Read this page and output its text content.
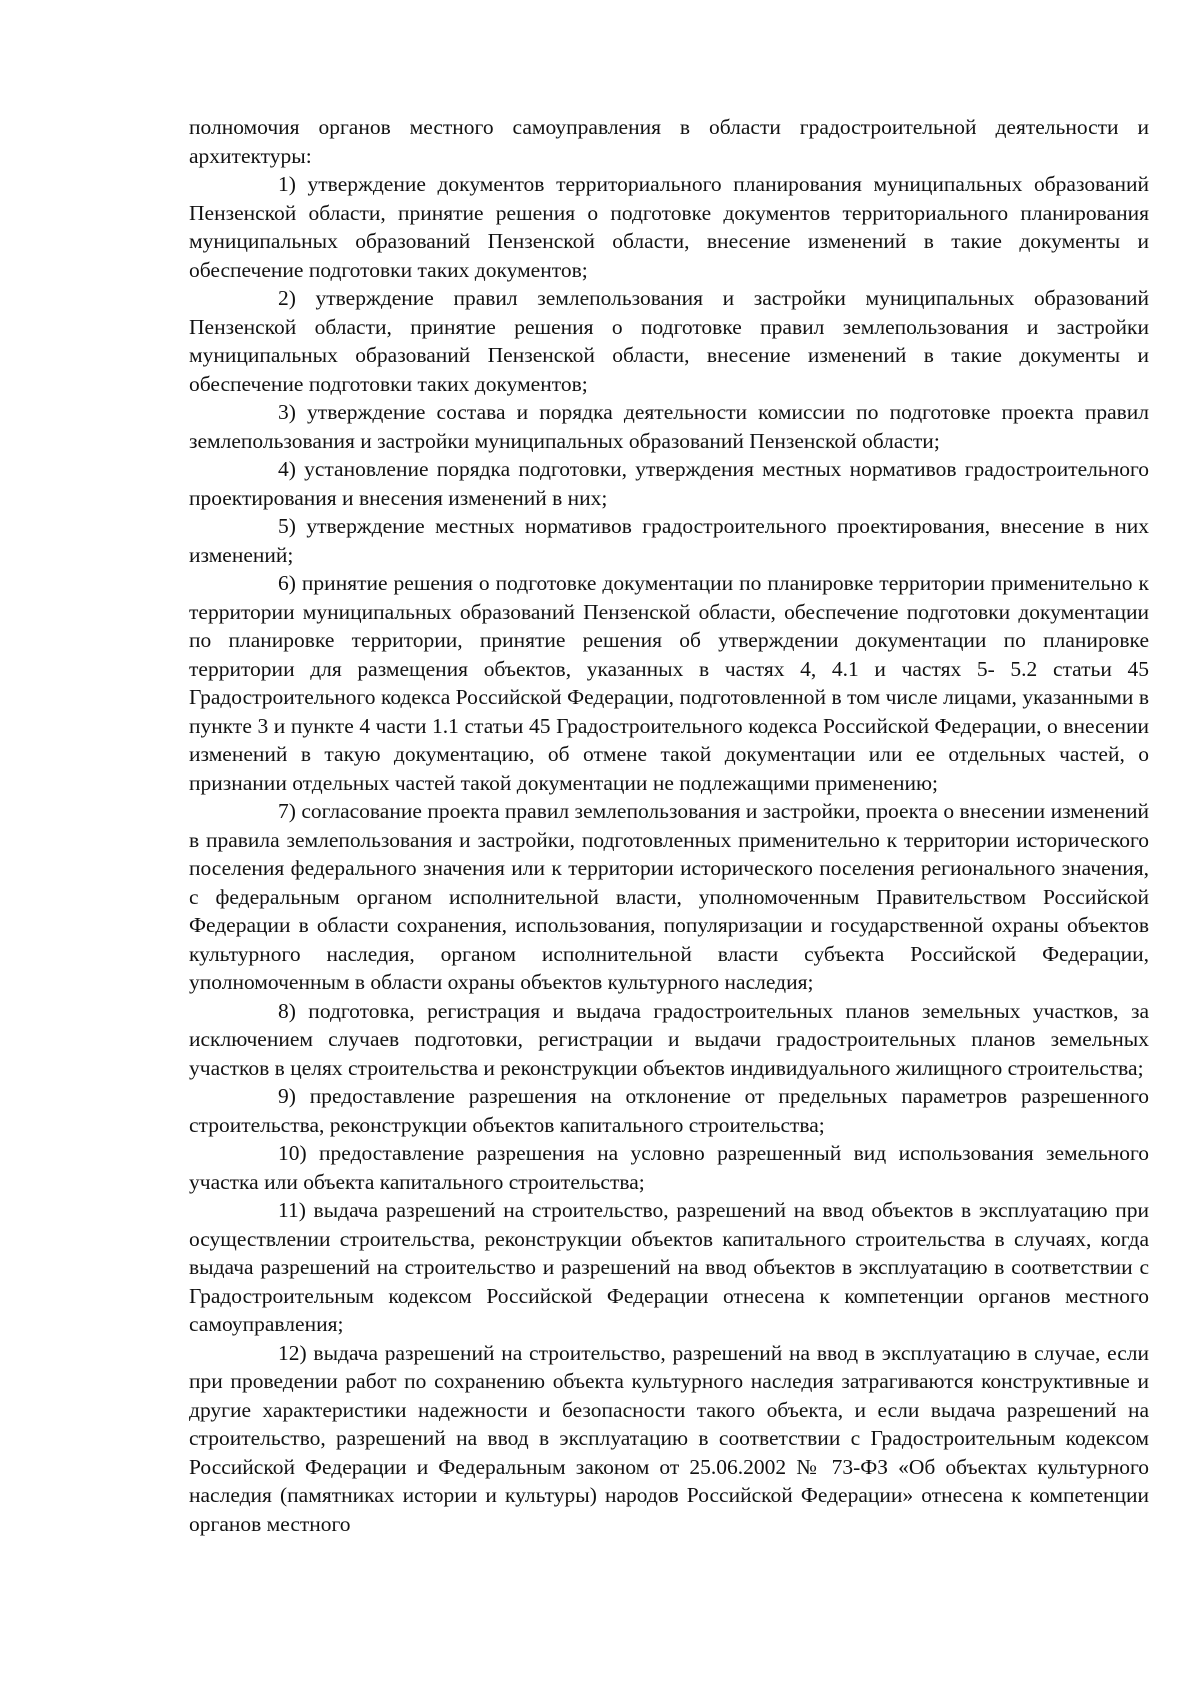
полномочия органов местного самоуправления в области градостроительной деятельности и архитектуры:

1) утверждение документов территориального планирования муниципальных образований Пензенской области, принятие решения о подготовке документов территориального планирования муниципальных образований Пензенской области, внесение изменений в такие документы и обеспечение подготовки таких документов;

2) утверждение правил землепользования и застройки муниципальных образований Пензенской области, принятие решения о подготовке правил землепользования и застройки муниципальных образований Пензенской области, внесение изменений в такие документы и обеспечение подготовки таких документов;

3) утверждение состава и порядка деятельности комиссии по подготовке проекта правил землепользования и застройки муниципальных образований Пензенской области;

4) установление порядка подготовки, утверждения местных нормативов градостроительного проектирования и внесения изменений в них;

5) утверждение местных нормативов градостроительного проектирования, внесение в них изменений;

6) принятие решения о подготовке документации по планировке территории применительно к территории муниципальных образований Пензенской области, обеспечение подготовки документации по планировке территории, принятие решения об утверждении документации по планировке территории для размещения объектов, указанных в частях 4, 4.1 и частях 5- 5.2 статьи 45 Градостроительного кодекса Российской Федерации, подготовленной в том числе лицами, указанными в пункте 3 и пункте 4 части 1.1 статьи 45 Градостроительного кодекса Российской Федерации, о внесении изменений в такую документацию, об отмене такой документации или ее отдельных частей, о признании отдельных частей такой документации не подлежащими применению;

7) согласование проекта правил землепользования и застройки, проекта о внесении изменений в правила землепользования и застройки, подготовленных применительно к территории исторического поселения федерального значения или к территории исторического поселения регионального значения, с федеральным органом исполнительной власти, уполномоченным Правительством Российской Федерации в области сохранения, использования, популяризации и государственной охраны объектов культурного наследия, органом исполнительной власти субъекта Российской Федерации, уполномоченным в области охраны объектов культурного наследия;

8) подготовка, регистрация и выдача градостроительных планов земельных участков, за исключением случаев подготовки, регистрации и выдачи градостроительных планов земельных участков в целях строительства и реконструкции объектов индивидуального жилищного строительства;

9) предоставление разрешения на отклонение от предельных параметров разрешенного строительства, реконструкции объектов капитального строительства;

10) предоставление разрешения на условно разрешенный вид использования земельного участка или объекта капитального строительства;

11) выдача разрешений на строительство, разрешений на ввод объектов в эксплуатацию при осуществлении строительства, реконструкции объектов капитального строительства в случаях, когда выдача разрешений на строительство и разрешений на ввод объектов в эксплуатацию в соответствии с Градостроительным кодексом Российской Федерации отнесена к компетенции органов местного самоуправления;

12) выдача разрешений на строительство, разрешений на ввод в эксплуатацию в случае, если при проведении работ по сохранению объекта культурного наследия затрагиваются конструктивные и другие характеристики надежности и безопасности такого объекта, и если выдача разрешений на строительство, разрешений на ввод в эксплуатацию в соответствии с Градостроительным кодексом Российской Федерации и Федеральным законом от 25.06.2002 № 73-ФЗ «Об объектах культурного наследия (памятниках истории и культуры) народов Российской Федерации» отнесена к компетенции органов местного
